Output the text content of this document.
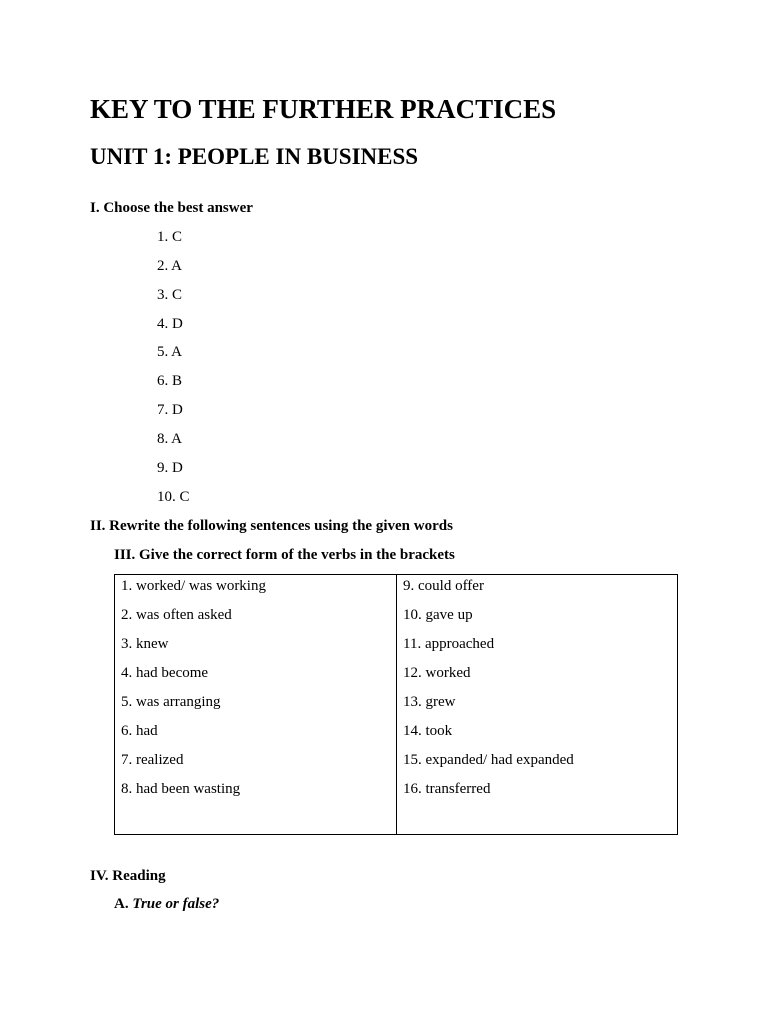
KEY TO THE FURTHER PRACTICES
UNIT 1: PEOPLE IN BUSINESS
I. Choose the best answer
1. C
2. A
3. C
4. D
5. A
6. B
7. D
8. A
9. D
10. C
II. Rewrite the following sentences using the given words
III. Give the correct form of the verbs in the brackets
1. worked/ was working
2. was often asked
3. knew
4. had become
5. was arranging
6. had
7. realized
8. had been wasting

9. could offer
10. gave up
11. approached
12. worked
13. grew
14. took
15. expanded/ had expanded
16. transferred
IV. Reading
A. True or false?
